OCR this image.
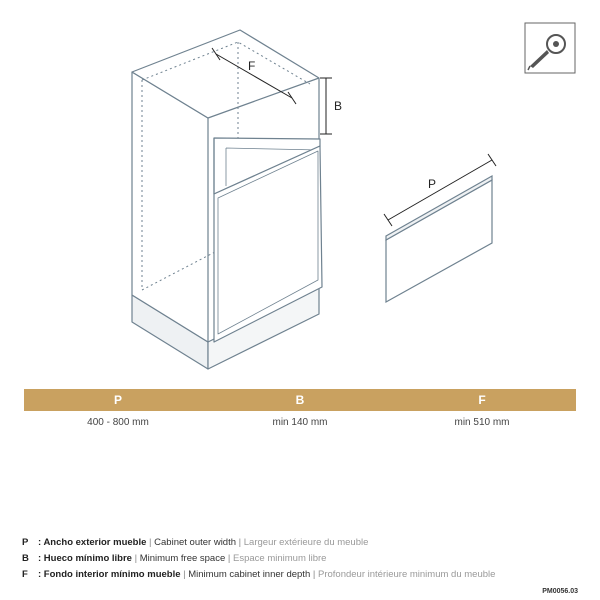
F
B
P
P	B	F
400 - 800 mm	min 140 mm	min 510 mm
P : Ancho exterior mueble | Cabinet outer width | Largeur extérieure du meuble
B : Hueco mínimo libre | Minimum free space | Espace minimum libre
F : Fondo interior mínimo mueble | Minimum cabinet inner depth | Profondeur intérieure minimum du meuble
PM0056.03
